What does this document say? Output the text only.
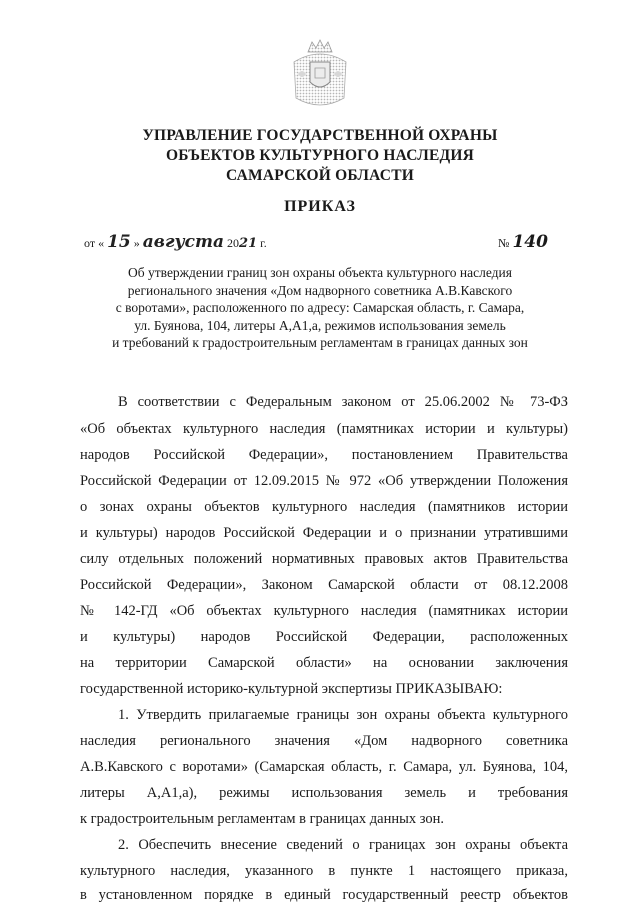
УПРАВЛЕНИЕ ГОСУДАРСТВЕННОЙ ОХРАНЫ
ОБЪЕКТОВ КУЛЬТУРНОГО НАСЛЕДИЯ
САМАРСКОЙ ОБЛАСТИ
ПРИКАЗ
от « 15 » августа 2021 г.	№ 140
Об утверждении границ зон охраны объекта культурного наследия
регионального значения «Дом надворного советника А.В.Кавского
с воротами», расположенного по адресу: Самарская область, г. Самара,
ул. Буянова, 104, литеры А,А1,а, режимов использования земель
и требований к градостроительным регламентам в границах данных зон
В соответствии с Федеральным законом от 25.06.2002 № 73-ФЗ
«Об объектах культурного наследия (памятниках истории и культуры)
народов Российской Федерации», постановлением Правительства
Российской Федерации от 12.09.2015 № 972 «Об утверждении Положения
о зонах охраны объектов культурного наследия (памятников истории
и культуры) народов Российской Федерации и о признании утратившими
силу отдельных положений нормативных правовых актов Правительства
Российской Федерации», Законом Самарской области от 08.12.2008
№ 142-ГД «Об объектах культурного наследия (памятниках истории
и культуры) народов Российской Федерации, расположенных
на территории Самарской области» на основании заключения
государственной историко-культурной экспертизы ПРИКАЗЫВАЮ:
1. Утвердить прилагаемые границы зон охраны объекта культурного
наследия регионального значения «Дом надворного советника
А.В.Кавского с воротами» (Самарская область, г. Самара, ул. Буянова, 104,
литеры А,А1,а), режимы использования земель и требования
к градостроительным регламентам в границах данных зон.
2. Обеспечить внесение сведений о границах зон охраны объекта
культурного наследия, указанного в пункте 1 настоящего приказа,
в установленном порядке в единый государственный реестр объектов
